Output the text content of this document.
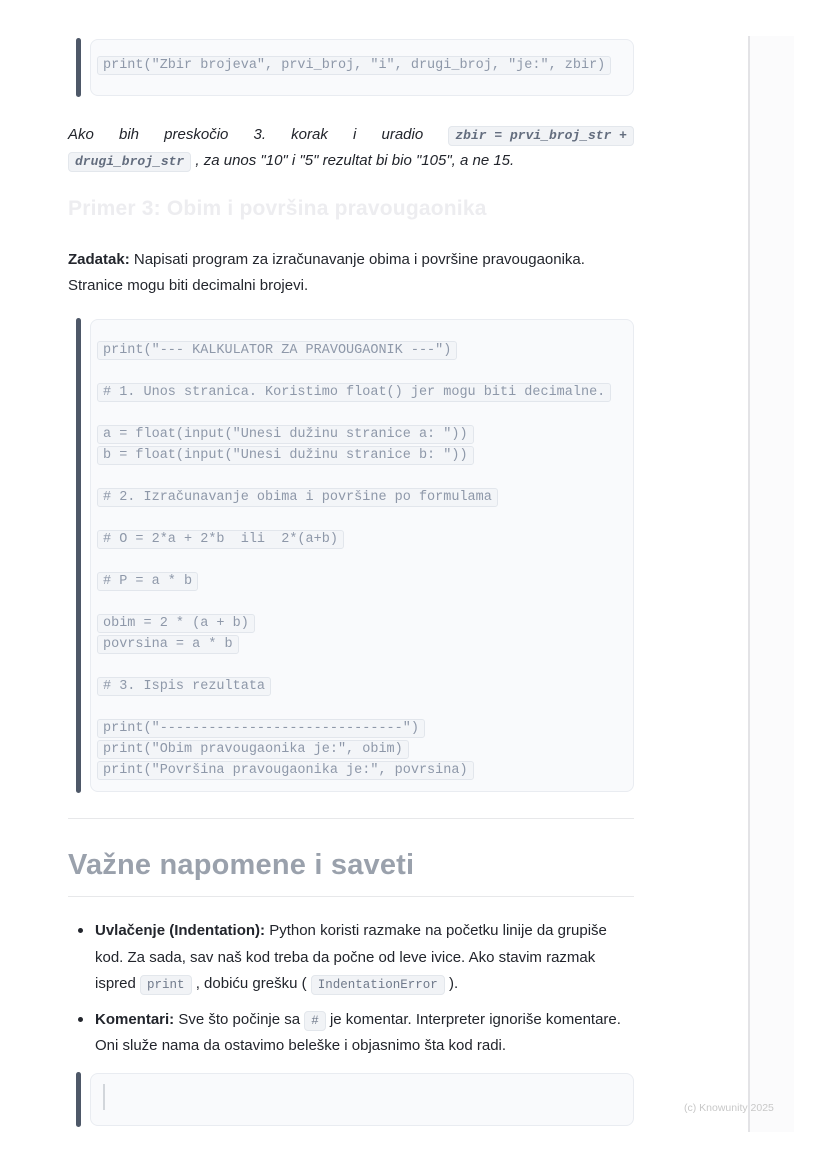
print("Zbir brojeva", prvi_broj, "i", drugi_broj, "je:", zbir)
Ako bih preskočio 3. korak i uradio zbir = prvi_broj_str +
drugi_broj_str , za unos "10" i "5" rezultat bi bio "105", a ne 15.
Primer 3: Obim i površina pravougaonika
Zadatak: Napisati program za izračunavanje obima i površine pravougaonika. Stranice mogu biti decimalni brojevi.
print("--- KALKULATOR ZA PRAVOUGAONIK ---")
# 1. Unos stranica. Koristimo float() jer mogu biti decimalne.
a = float(input("Unesi dužinu stranice a: "))
b = float(input("Unesi dužinu stranice b: "))
# 2. Izračunavanje obima i površine po formulama
# O = 2*a + 2*b  ili  2*(a+b)
# P = a * b
obim = 2 * (a + b)
povrsina = a * b
# 3. Ispis rezultata
print("------------------------------")
print("Obim pravougaonika je:", obim)
print("Površina pravougaonika je:", povrsina)
Važne napomene i saveti
Uvlačenje (Indentation): Python koristi razmake na početku linije da grupiše kod. Za sada, sav naš kod treba da počne od leve ivice. Ako stavim razmak ispred print , dobiću grešku ( IndentationError ).
Komentari: Sve što počinje sa # je komentar. Interpreter ignoriše komentare. Oni služe nama da ostavimo beleške i objasnimo šta kod radi.
(c) Knowunity 2025
